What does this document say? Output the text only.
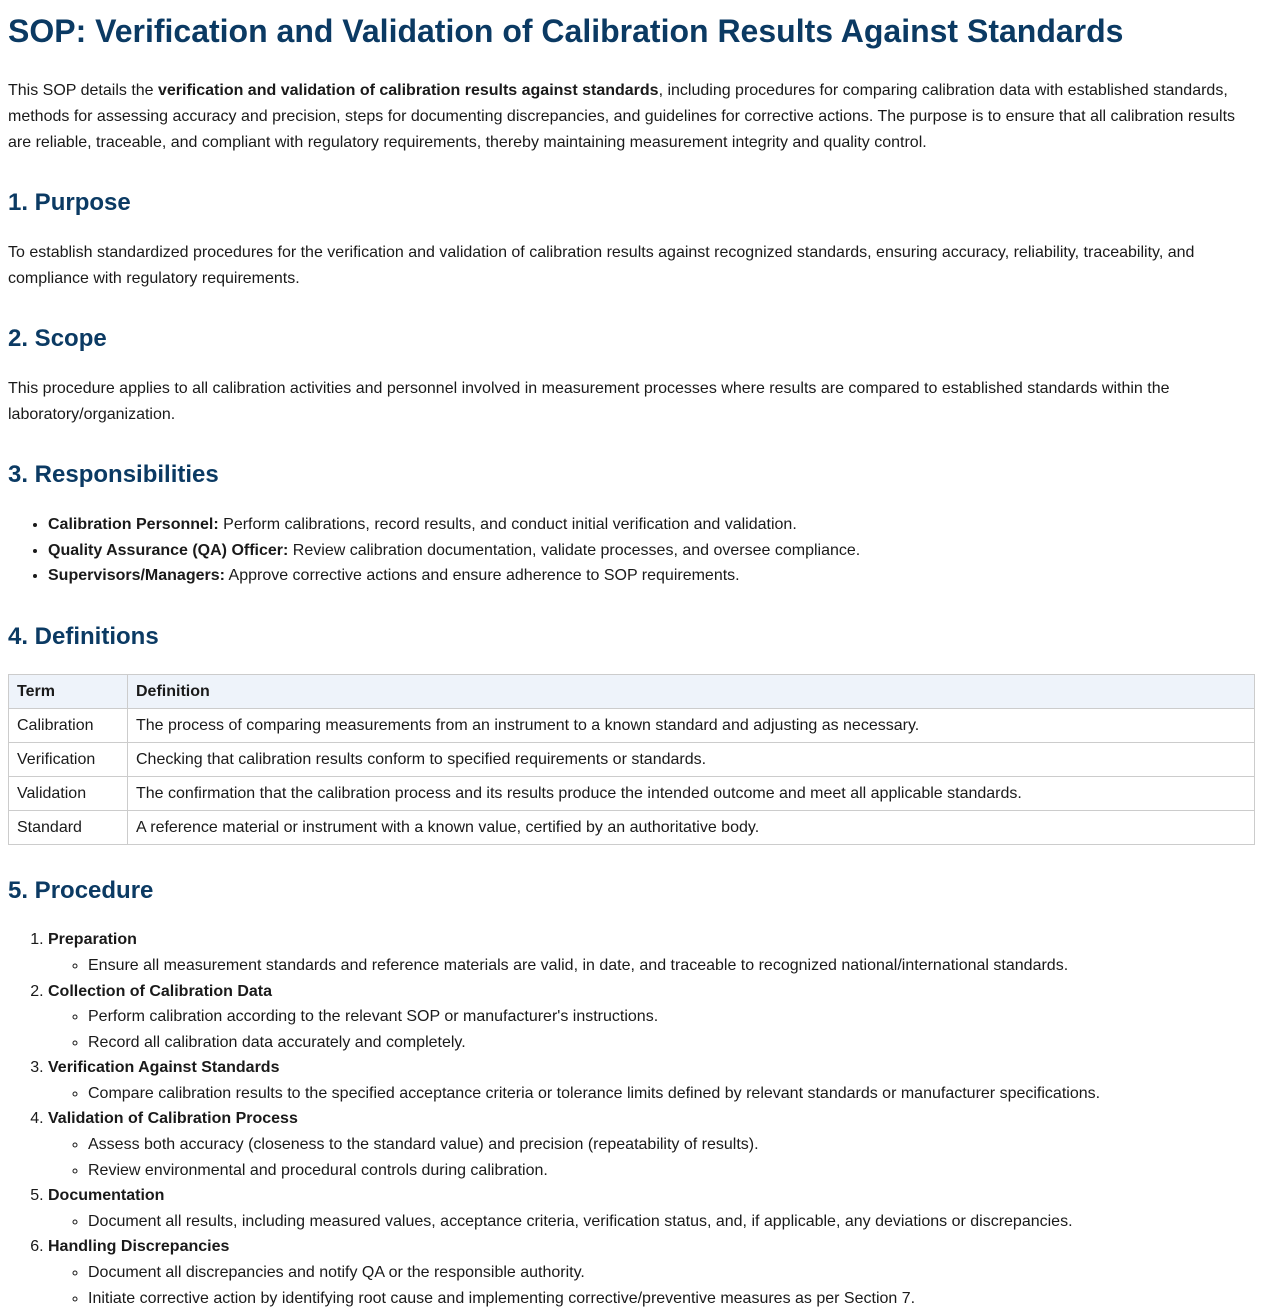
SOP: Verification and Validation of Calibration Results Against Standards

This SOP details the verification and validation of calibration results against standards, including procedures for comparing calibration data with established standards, methods for assessing accuracy and precision, steps for documenting discrepancies, and guidelines for corrective actions. The purpose is to ensure that all calibration results are reliable, traceable, and compliant with regulatory requirements, thereby maintaining measurement integrity and quality control.

1. Purpose

To establish standardized procedures for the verification and validation of calibration results against recognized standards, ensuring accuracy, reliability, traceability, and compliance with regulatory requirements.

2. Scope

This procedure applies to all calibration activities and personnel involved in measurement processes where results are compared to established standards within the laboratory/organization.

3. Responsibilities
• Calibration Personnel: Perform calibrations, record results, and conduct initial verification and validation.
• Quality Assurance (QA) Officer: Review calibration documentation, validate processes, and oversee compliance.
• Supervisors/Managers: Approve corrective actions and ensure adherence to SOP requirements.
4. Definitions
Term	Definition
Calibration	The process of comparing measurements from an instrument to a known standard and adjusting as necessary.
Verification	Checking that calibration results conform to specified requirements or standards.
Validation	The confirmation that the calibration process and its results produce the intended outcome and meet all applicable standards.
Standard	A reference material or instrument with a known value, certified by an authoritative body.
5. Procedure
1. Preparation
◦ Ensure all measurement standards and reference materials are valid, in date, and traceable to recognized national/international standards.
2. Collection of Calibration Data
◦ Perform calibration according to the relevant SOP or manufacturer's instructions.
◦ Record all calibration data accurately and completely.
3. Verification Against Standards
◦ Compare calibration results to the specified acceptance criteria or tolerance limits defined by relevant standards or manufacturer specifications.
4. Validation of Calibration Process
◦ Assess both accuracy (closeness to the standard value) and precision (repeatability of results).
◦ Review environmental and procedural controls during calibration.
5. Documentation
◦ Document all results, including measured values, acceptance criteria, verification status, and, if applicable, any deviations or discrepancies.
6. Handling Discrepancies
◦ Document all discrepancies and notify QA or the responsible authority.
◦ Initiate corrective action by identifying root cause and implementing corrective/preventive measures as per Section 7.
